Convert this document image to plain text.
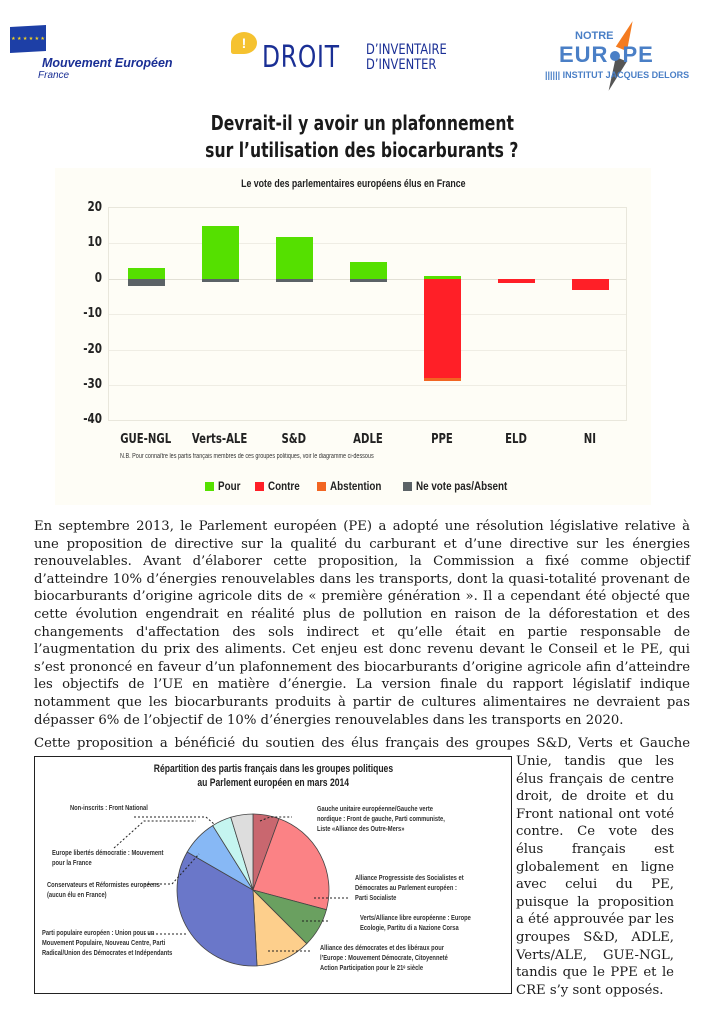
★ ★ ★ ★ ★ ★
Mouvement Européen
France
! DROIT D’INVENTAIRE
D’INVENTER
NOTRE
EUR PE
|||||| INSTITUT JACQUES DELORS
Devrait-il y avoir un plafonnement
sur l’utilisation des biocarburants ?
Le vote des parlementaires européens élus en France
20
10
0
-10
-20
-30
-40
GUE-NGL	Verts-ALE	S&D	ADLE	PPE	ELD	NI
N.B. Pour connaître les partis français membres de ces groupes politiques, voir le diagramme ci-dessous
Pour Contre Abstention	Ne vote pas/Absent
En septembre 2013, le Parlement européen (PE) a adopté une résolution législative relative à une proposition de directive sur la qualité du carburant et d’une directive sur les énergies renouvelables. Avant d’élaborer cette proposition, la Commission a fixé comme objectif d’atteindre 10% d’énergies renouvelables dans les transports, dont la quasi-totalité provenant de biocarburants d’origine agricole dits de « première génération ». Il a cependant été objecté que cette évolution engendrait en réalité plus de pollution en raison de la déforestation et des changements d'affectation des sols indirect et qu’elle était en partie responsable de l’augmentation du prix des aliments. Cet enjeu est donc revenu devant le Conseil et le PE, qui s’est prononcé en faveur d’un plafonnement des biocarburants d’origine agricole afin d’atteindre les objectifs de l’UE en matière d’énergie. La version finale du rapport législatif indique notamment que les biocarburants produits à partir de cultures alimentaires ne devraient pas dépasser 6% de l’objectif de 10% d’énergies renouvelables dans les transports en 2020.
Cette proposition a bénéficié du soutien des élus français des groupes S&D, Verts et Gauche
Répartition des partis français dans les groupes politiques
au Parlement européen en mars 2014
Non-inscrits : Front National
Europe libertés démocratie : Mouvement
pour la France
Conservateurs et Réformistes européens
(aucun élu en France)
Parti populaire européen : Union pour un
Mouvement Populaire, Nouveau Centre, Parti
Radical/Union des Démocrates et Indépendants
Gauche unitaire européenne/Gauche verte
nordique : Front de gauche, Parti communiste,
Liste «Alliance des Outre-Mers»
Alliance Progressiste des Socialistes et
Démocrates au Parlement européen :
Parti Socialiste
Verts/Alliance libre européenne : Europe
Ecologie, Partitu di a Nazione Corsa
Alliance des démocrates et des libéraux pour
l’Europe : Mouvement Démocrate, Citoyenneté
Action Participation pour le 21ᵉ siècle
Unie, tandis que les élus français de centre droit, de droite et du Front national ont voté contre. Ce vote des élus français est globalement en ligne avec celui du PE, puisque la proposition a été approuvée par les groupes S&D, ADLE, Verts/ALE, GUE-NGL, tandis que le PPE et le CRE s’y sont opposés.
